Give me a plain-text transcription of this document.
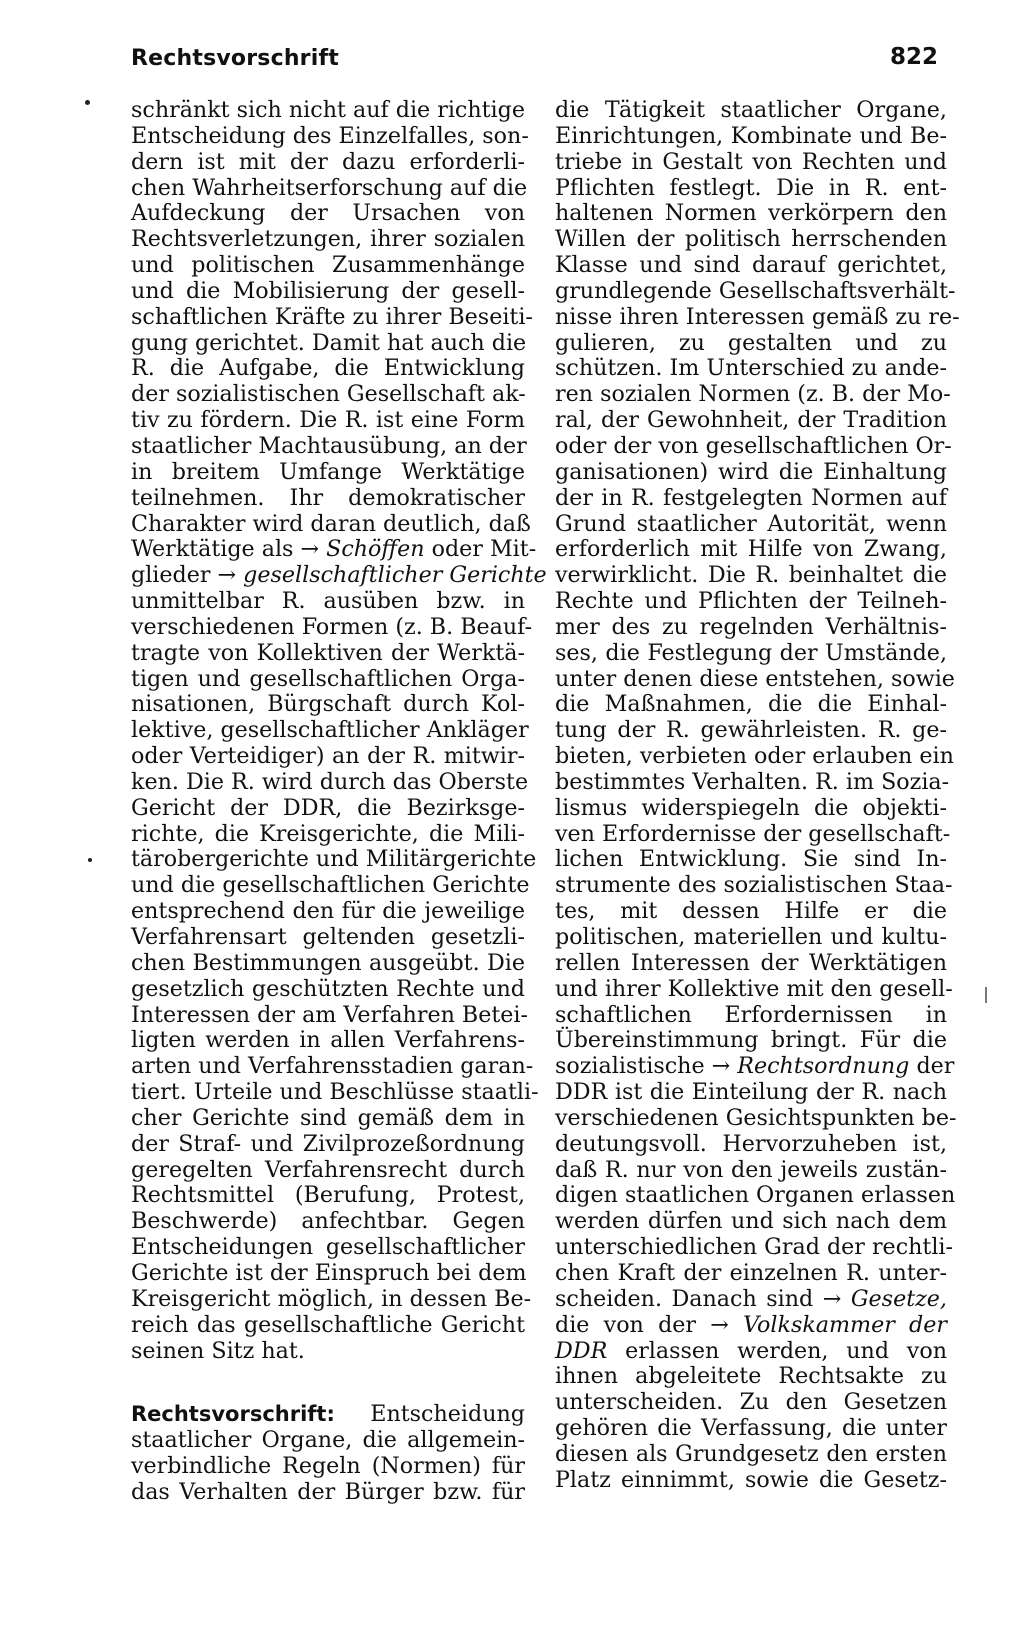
Rechtsvorschrift	822
schränkt sich nicht auf die richtige
Entscheidung des Einzelfalles, son-
dern ist mit der dazu erforderli-
chen Wahrheitserforschung auf die
Aufdeckung der Ursachen von
Rechtsverletzungen, ihrer sozialen
und politischen Zusammenhänge
und die Mobilisierung der gesell-
schaftlichen Kräfte zu ihrer Beseiti-
gung gerichtet. Damit hat auch die
R. die Aufgabe, die Entwicklung
der sozialistischen Gesellschaft ak-
tiv zu fördern. Die R. ist eine Form
staatlicher Machtausübung, an der
in breitem Umfange Werktätige
teilnehmen. Ihr demokratischer
Charakter wird daran deutlich, daß
Werktätige als → Schöffen oder Mit-
glieder → gesellschaftlicher Gerichte
unmittelbar R. ausüben bzw. in
verschiedenen Formen (z. B. Beauf-
tragte von Kollektiven der Werktä-
tigen und gesellschaftlichen Orga-
nisationen, Bürgschaft durch Kol-
lektive, gesellschaftlicher Ankläger
oder Verteidiger) an der R. mitwir-
ken. Die R. wird durch das Oberste
Gericht der DDR, die Bezirksge-
richte, die Kreisgerichte, die Mili-
tärobergerichte und Militärgerichte
und die gesellschaftlichen Gerichte
entsprechend den für die jeweilige
Verfahrensart geltenden gesetzli-
chen Bestimmungen ausgeübt. Die
gesetzlich geschützten Rechte und
Interessen der am Verfahren Betei-
ligten werden in allen Verfahrens-
arten und Verfahrensstadien garan-
tiert. Urteile und Beschlüsse staatli-
cher Gerichte sind gemäß dem in
der Straf- und Zivilprozeßordnung
geregelten Verfahrensrecht durch
Rechtsmittel (Berufung, Protest,
Beschwerde) anfechtbar. Gegen
Entscheidungen gesellschaftlicher
Gerichte ist der Einspruch bei dem
Kreisgericht möglich, in dessen Be-
reich das gesellschaftliche Gericht
seinen Sitz hat.
Rechtsvorschrift: Entscheidung
staatlicher Organe, die allgemein-
verbindliche Regeln (Normen) für
das Verhalten der Bürger bzw. für
die Tätigkeit staatlicher Organe,
Einrichtungen, Kombinate und Be-
triebe in Gestalt von Rechten und
Pflichten festlegt. Die in R. ent-
haltenen Normen verkörpern den
Willen der politisch herrschenden
Klasse und sind darauf gerichtet,
grundlegende Gesellschaftsverhält-
nisse ihren Interessen gemäß zu re-
gulieren, zu gestalten und zu
schützen. Im Unterschied zu ande-
ren sozialen Normen (z. B. der Mo-
ral, der Gewohnheit, der Tradition
oder der von gesellschaftlichen Or-
ganisationen) wird die Einhaltung
der in R. festgelegten Normen auf
Grund staatlicher Autorität, wenn
erforderlich mit Hilfe von Zwang,
verwirklicht. Die R. beinhaltet die
Rechte und Pflichten der Teilneh-
mer des zu regelnden Verhältnis-
ses, die Festlegung der Umstände,
unter denen diese entstehen, sowie
die Maßnahmen, die die Einhal-
tung der R. gewährleisten. R. ge-
bieten, verbieten oder erlauben ein
bestimmtes Verhalten. R. im Sozia-
lismus widerspiegeln die objekti-
ven Erfordernisse der gesellschaft-
lichen Entwicklung. Sie sind In-
strumente des sozialistischen Staa-
tes, mit dessen Hilfe er die
politischen, materiellen und kultu-
rellen Interessen der Werktätigen
und ihrer Kollektive mit den gesell-
schaftlichen Erfordernissen in
Übereinstimmung bringt. Für die
sozialistische → Rechtsordnung der
DDR ist die Einteilung der R. nach
verschiedenen Gesichtspunkten be-
deutungsvoll. Hervorzuheben ist,
daß R. nur von den jeweils zustän-
digen staatlichen Organen erlassen
werden dürfen und sich nach dem
unterschiedlichen Grad der rechtli-
chen Kraft der einzelnen R. unter-
scheiden. Danach sind → Gesetze,
die von der → Volkskammer der
DDR erlassen werden, und von
ihnen abgeleitete Rechtsakte zu
unterscheiden. Zu den Gesetzen
gehören die Verfassung, die unter
diesen als Grundgesetz den ersten
Platz einnimmt, sowie die Gesetz-
